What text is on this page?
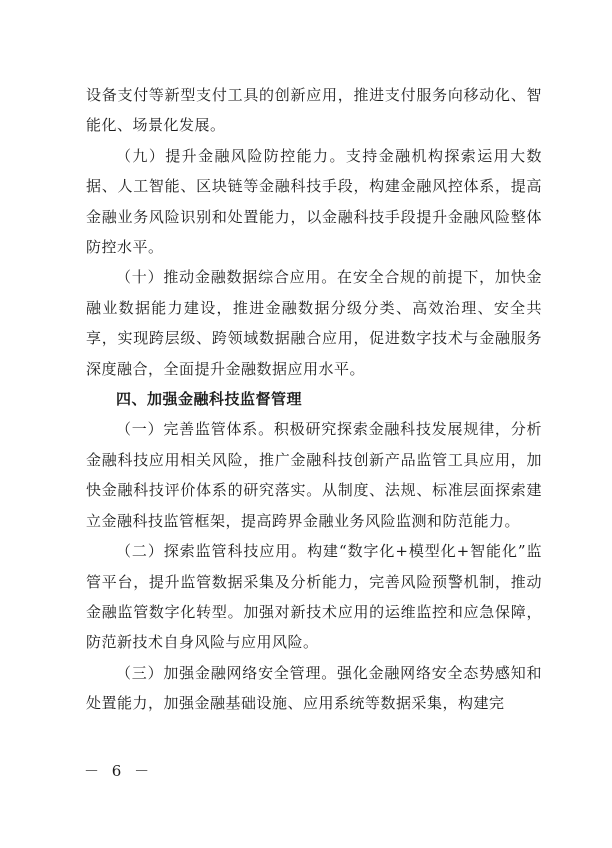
设备支付等新型支付工具的创新应用，推进支付服务向移动化、智能化、场景化发展。

（九）提升金融风险防控能力。支持金融机构探索运用大数据、人工智能、区块链等金融科技手段，构建金融风控体系，提高金融业务风险识别和处置能力，以金融科技手段提升金融风险整体防控水平。

（十）推动金融数据综合应用。在安全合规的前提下，加快金融业数据能力建设，推进金融数据分级分类、高效治理、安全共享，实现跨层级、跨领域数据融合应用，促进数字技术与金融服务深度融合，全面提升金融数据应用水平。

四、加强金融科技监督管理

（一）完善监管体系。积极研究探索金融科技发展规律，分析金融科技应用相关风险，推广金融科技创新产品监管工具应用，加快金融科技评价体系的研究落实。从制度、法规、标准层面探索建立金融科技监管框架，提高跨界金融业务风险监测和防范能力。

（二）探索监管科技应用。构建“数字化+模型化+智能化”监管平台，提升监管数据采集及分析能力，完善风险预警机制，推动金融监管数字化转型。加强对新技术应用的运维监控和应急保障，防范新技术自身风险与应用风险。

（三）加强金融网络安全管理。强化金融网络安全态势感知和处置能力，加强金融基础设施、应用系统等数据采集，构建完

－ 6 －
